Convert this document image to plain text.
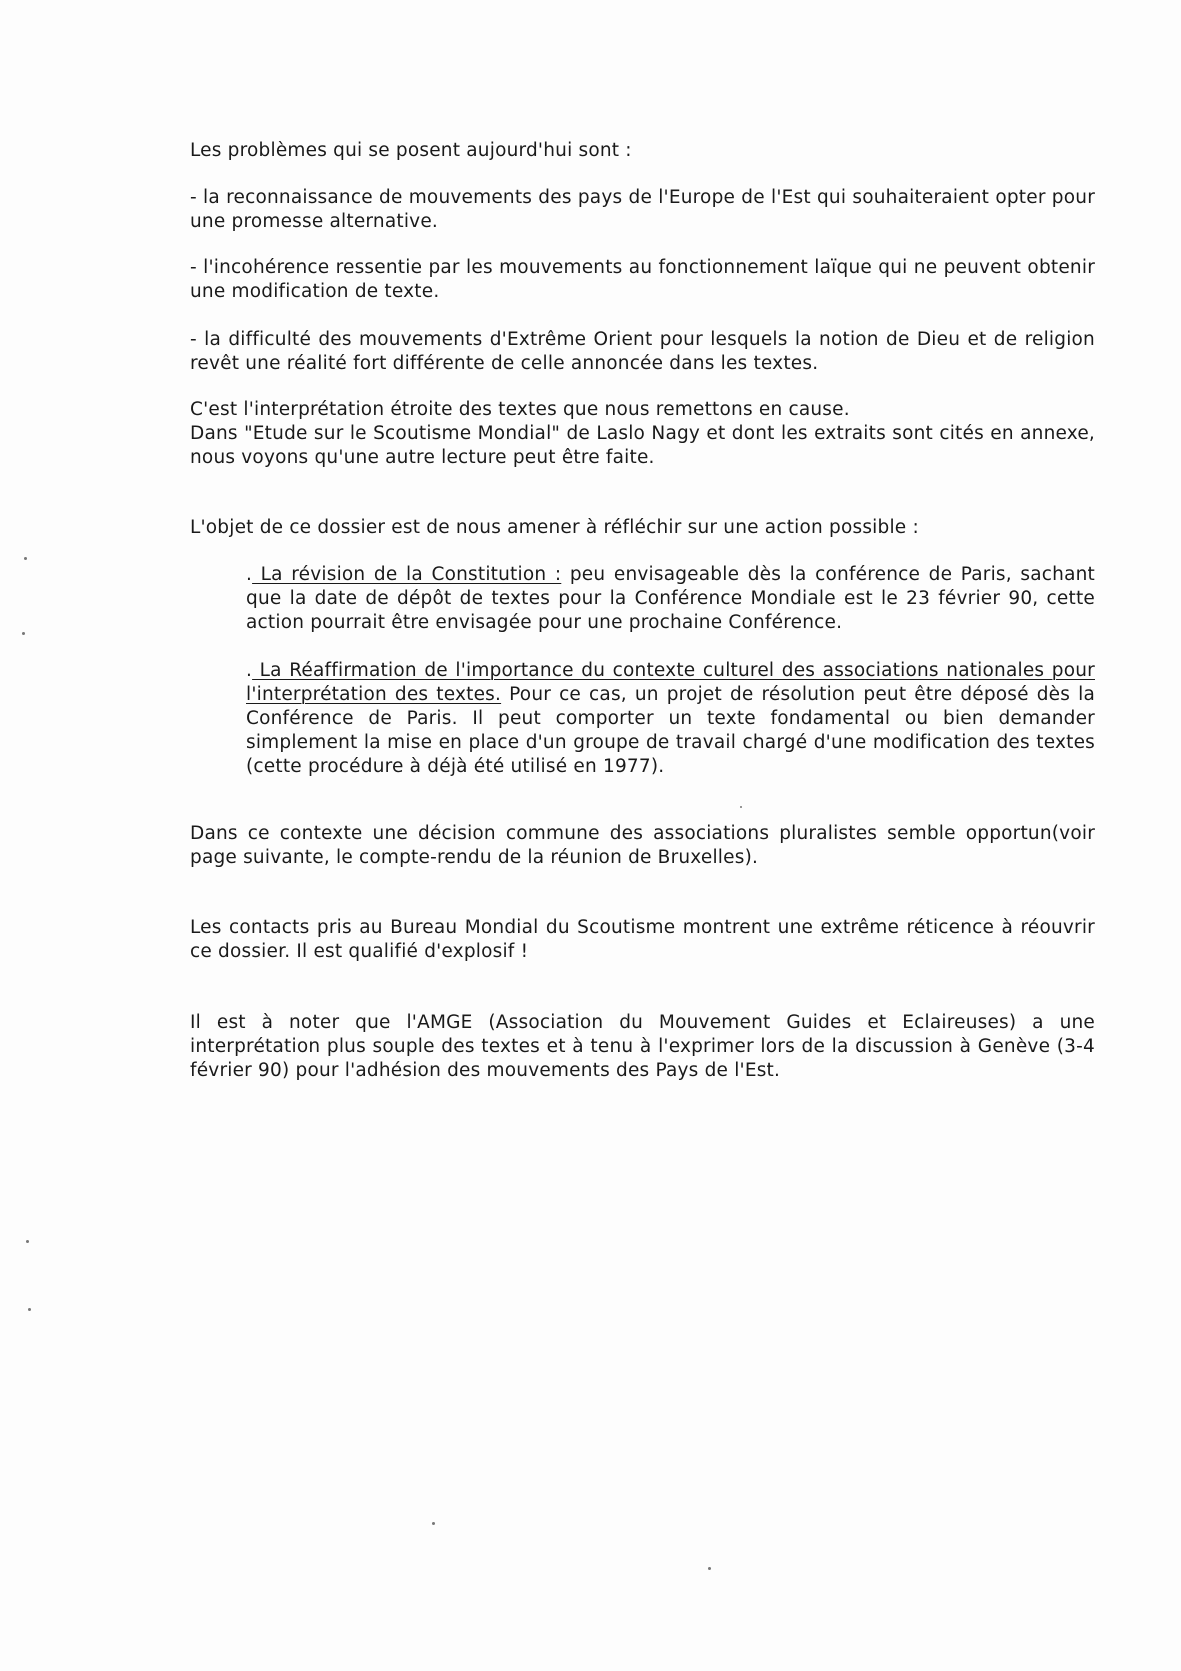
Les problèmes qui se posent aujourd'hui sont :

- la reconnaissance de mouvements des pays de l'Europe de l'Est qui souhaiteraient opter pour une promesse alternative.

- l'incohérence ressentie par les mouvements au fonctionnement laïque qui ne peuvent obtenir une modification de texte.

- la difficulté des mouvements d'Extrême Orient pour lesquels la notion de Dieu et de religion revêt une réalité fort différente de celle annoncée dans les textes.

C'est l'interprétation étroite des textes que nous remettons en cause.

Dans "Etude sur le Scoutisme Mondial" de Laslo Nagy et dont les extraits sont cités en annexe, nous voyons qu'une autre lecture peut être faite.

L'objet de ce dossier est de nous amener à réfléchir sur une action possible :

. La révision de la Constitution : peu envisageable dès la conférence de Paris, sachant que la date de dépôt de textes pour la Conférence Mondiale est le 23 février 90, cette action pourrait être envisagée pour une prochaine Conférence.

. La Réaffirmation de l'importance du contexte culturel des associations nationales pour l'interprétation des textes. Pour ce cas, un projet de résolution peut être déposé dès la Conférence de Paris. Il peut comporter un texte fondamental ou bien demander simplement la mise en place d'un groupe de travail chargé d'une modification des textes (cette procédure à déjà été utilisé en 1977).

Dans ce contexte une décision commune des associations pluralistes semble opportun(voir page suivante, le compte-rendu de la réunion de Bruxelles).

Les contacts pris au Bureau Mondial du Scoutisme montrent une extrême réticence à réouvrir ce dossier. Il est qualifié d'explosif !

Il est à noter que l'AMGE (Association du Mouvement Guides et Eclaireuses) a une interprétation plus souple des textes et à tenu à l'exprimer lors de la discussion à Genève (3-4 février 90) pour l'adhésion des mouvements des Pays de l'Est.
